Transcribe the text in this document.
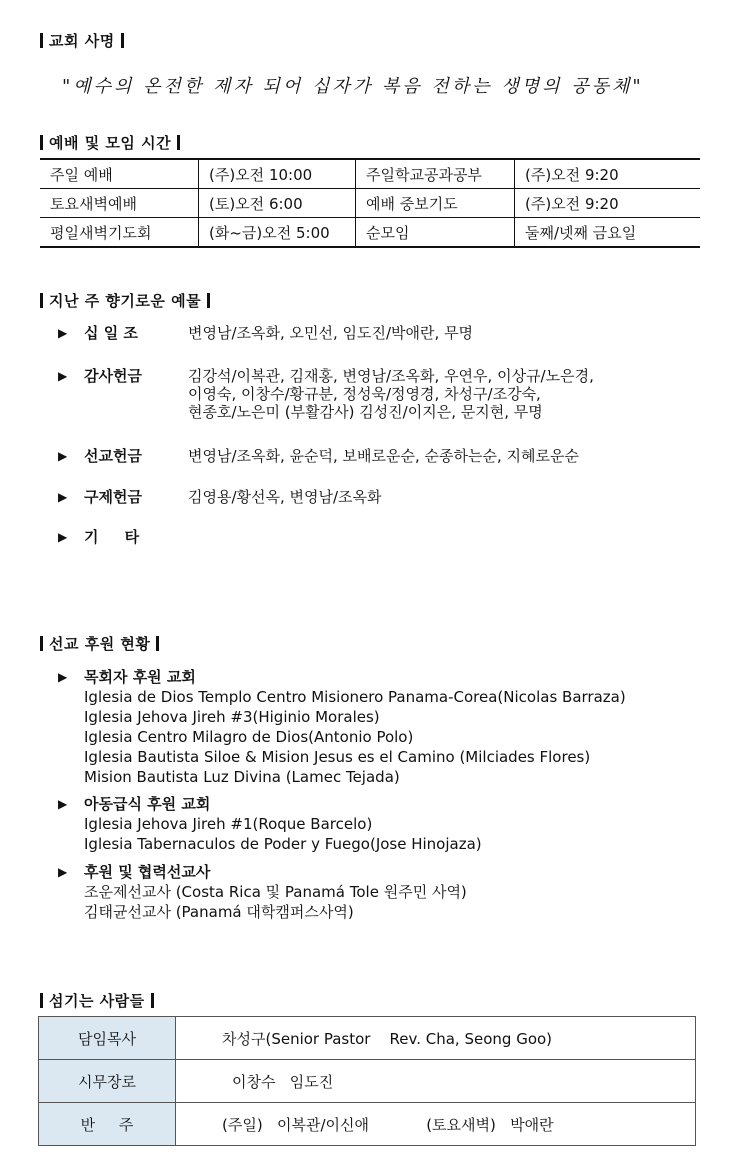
교회 사명
"예수의 온전한 제자 되어 십자가 복음 전하는 생명의 공동체"
예배 및 모임 시간
주일 예배	(주)오전 10:00	주일학교공과공부	(주)오전 9:20
토요새벽예배	(토)오전 6:00	예배 중보기도	(주)오전 9:20
평일새벽기도회	(화~금)오전 5:00	순모임	둘째/넷째 금요일
지난 주 향기로운 예물
▶ 십 일 조	변영남/조옥화, 오민선, 임도진/박애란, 무명
▶ 감사헌금	김강석/이복관, 김재홍, 변영남/조옥화, 우연우, 이상규/노은경,
이영숙, 이창수/황규분, 정성욱/정영경, 차성구/조강숙,
현종호/노은미 (부활감사) 김성진/이지은, 문지현, 무명
▶ 선교헌금	변영남/조옥화, 윤순덕, 보배로운순, 순종하는순, 지혜로운순
▶ 구제헌금	김영용/황선옥, 변영남/조옥화
▶ 기     타
선교 후원 현황
▶ 목회자 후원 교회
Iglesia de Dios Templo Centro Misionero Panama-Corea(Nicolas Barraza)
Iglesia Jehova Jireh #3(Higinio Morales)
Iglesia Centro Milagro de Dios(Antonio Polo)
Iglesia Bautista Siloe & Mision Jesus es el Camino (Milciades Flores)
Mision Bautista Luz Divina (Lamec Tejada)
▶ 아동급식 후원 교회
Iglesia Jehova Jireh #1(Roque Barcelo)
Iglesia Tabernaculos de Poder y Fuego(Jose Hinojaza)
▶ 후원 및 협력선교사
조운제선교사 (Costa Rica 및 Panamá Tole 원주민 사역)
김태균선교사 (Panamá 대학캠퍼스사역)
섬기는 사람들
담임목사	차성구(Senior Pastor    Rev. Cha, Seong Goo)
시무장로	이창수   임도진
반     주	(주일)   이복관/이신애            (토요새벽)   박애란
